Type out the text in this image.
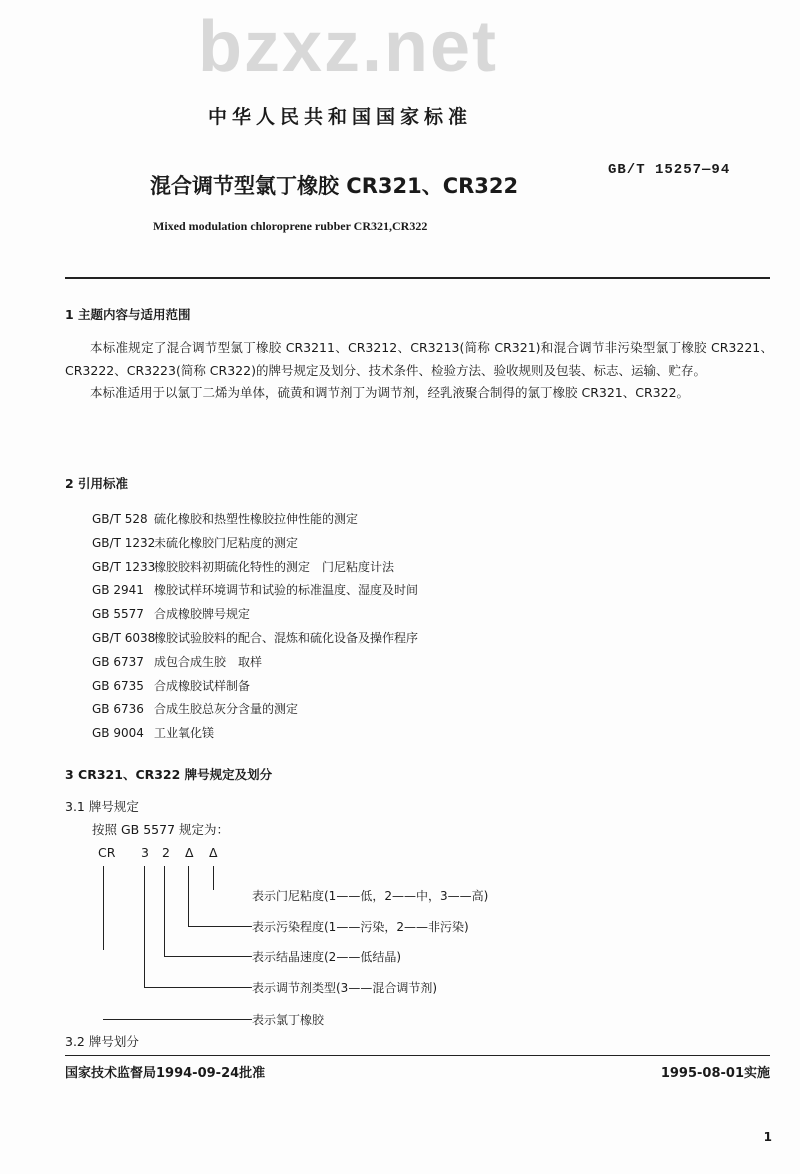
bzxz.net
中华人民共和国国家标准
混合调节型氯丁橡胶 CR321、CR322
GB/T 15257—94
Mixed modulation chloroprene rubber CR321,CR322
1 主题内容与适用范围

本标准规定了混合调节型氯丁橡胶 CR3211、CR3212、CR3213(简称 CR321)和混合调节非污染型氯丁橡胶 CR3221、CR3222、CR3223(简称 CR322)的牌号规定及划分、技术条件、检验方法、验收规则及包装、标志、运输、贮存。

本标准适用于以氯丁二烯为单体，硫黄和调节剂丁为调节剂，经乳液聚合制得的氯丁橡胶 CR321、CR322。

2 引用标准
GB/T 528 硫化橡胶和热塑性橡胶拉伸性能的测定
GB/T 1232未硫化橡胶门尼粘度的测定
GB/T 1233橡胶胶料初期硫化特性的测定　门尼粘度计法
GB 2941 橡胶试样环境调节和试验的标准温度、湿度及时间
GB 5577 合成橡胶牌号规定
GB/T 6038橡胶试验胶料的配合、混炼和硫化设备及操作程序
GB 6737 成包合成生胶　取样
GB 6735 合成橡胶试样制备
GB 6736 合成生胶总灰分含量的测定
GB 9004 工业氧化镁
3 CR321、CR322 牌号规定及划分
3.1 牌号规定
按照 GB 5577 规定为：
CR 3 2 Δ Δ
表示门尼粘度(1——低，2——中，3——高)
表示污染程度(1——污染，2——非污染)
表示结晶速度(2——低结晶)
表示调节剂类型(3——混合调节剂)
表示氯丁橡胶
3.2 牌号划分
国家技术监督局1994-09-24批准	1995-08-01实施
1
